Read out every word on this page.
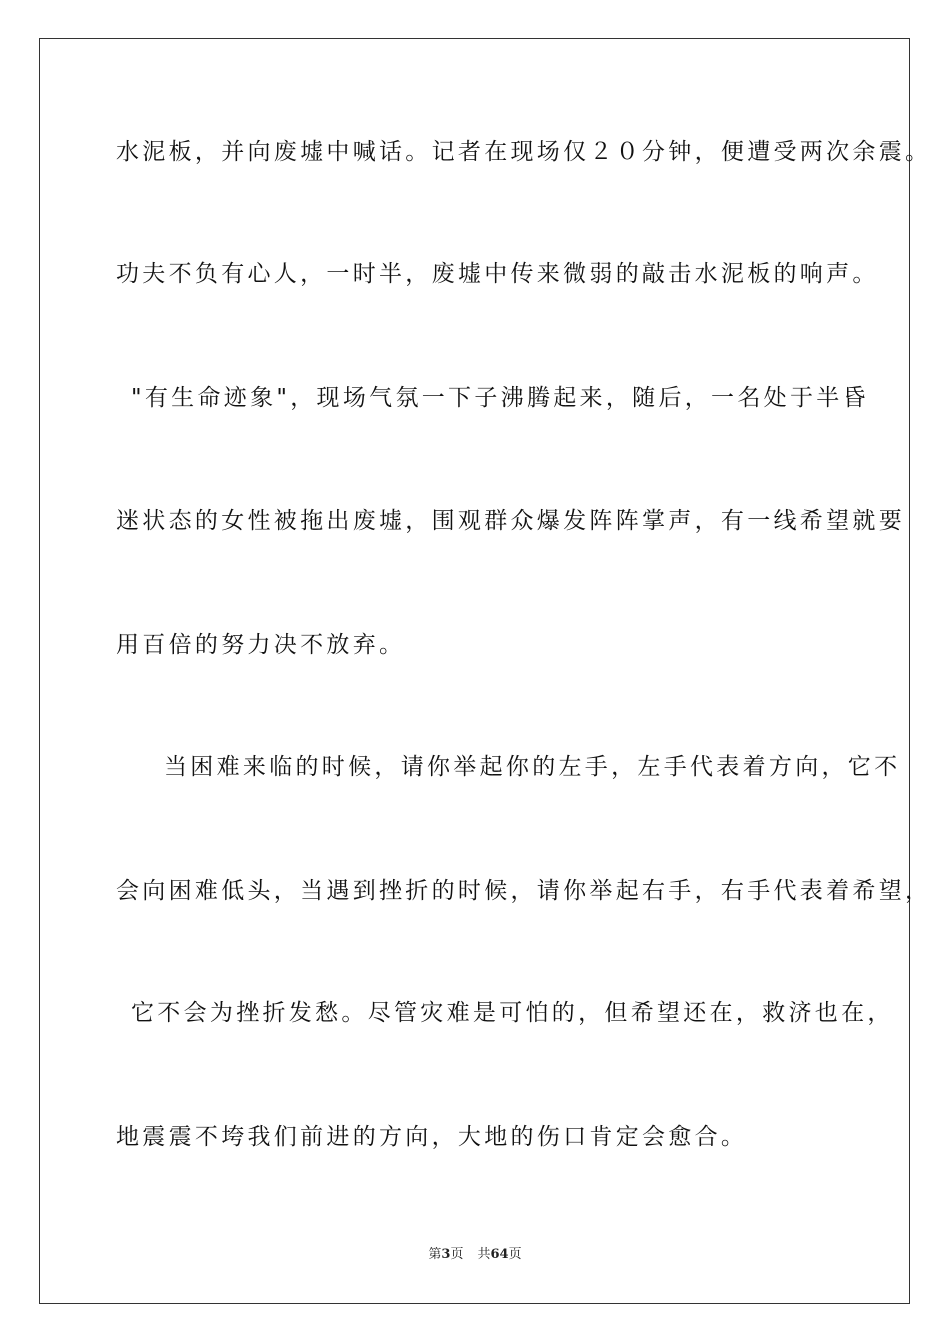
水泥板，并向废墟中喊话。记者在现场仅２０分钟，便遭受两次余震。
功夫不负有心人，一时半，废墟中传来微弱的敲击水泥板的响声。
"有生命迹象"，现场气氛一下子沸腾起来，随后，一名处于半昏
迷状态的女性被拖出废墟，围观群众爆发阵阵掌声，有一线希望就要
用百倍的努力决不放弃。
当困难来临的时候，请你举起你的左手，左手代表着方向，它不
会向困难低头，当遇到挫折的时候，请你举起右手，右手代表着希望，
它不会为挫折发愁。尽管灾难是可怕的，但希望还在，救济也在，
地震震不垮我们前进的方向，大地的伤口肯定会愈合。
第3页 共64页
